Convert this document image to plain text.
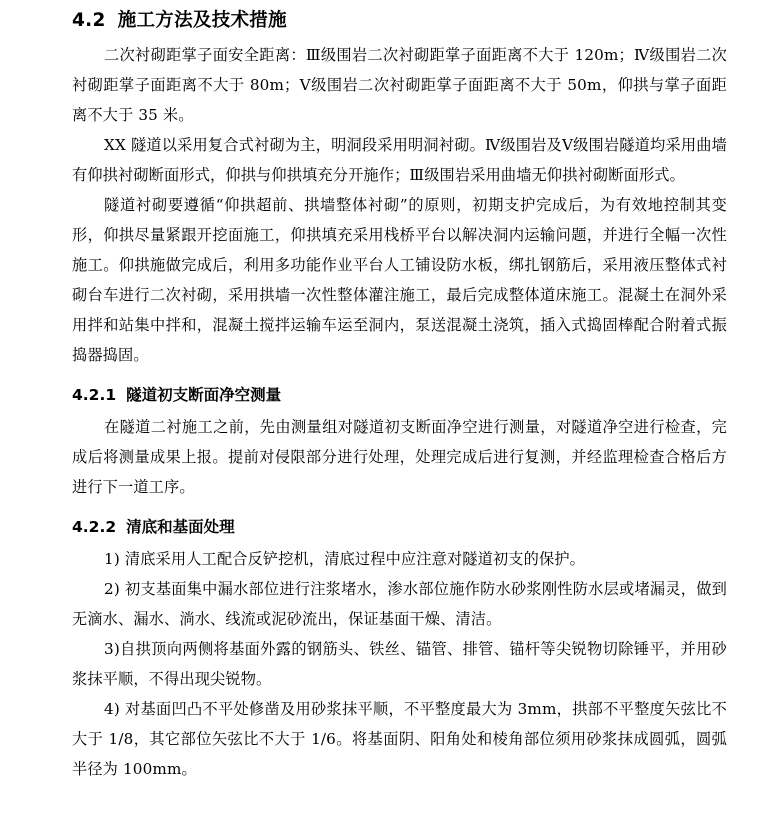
4.2 施工方法及技术措施

二次衬砌距掌子面安全距离：Ⅲ级围岩二次衬砌距掌子面距离不大于 120m；Ⅳ级围岩二次衬砌距掌子面距离不大于 80m；Ⅴ级围岩二次衬砌距掌子面距离不大于 50m，仰拱与掌子面距离不大于 35 米。

XX 隧道以采用复合式衬砌为主，明洞段采用明洞衬砌。Ⅳ级围岩及Ⅴ级围岩隧道均采用曲墙有仰拱衬砌断面形式，仰拱与仰拱填充分开施作；Ⅲ级围岩采用曲墙无仰拱衬砌断面形式。

隧道衬砌要遵循“仰拱超前、拱墙整体衬砌”的原则，初期支护完成后，为有效地控制其变形，仰拱尽量紧跟开挖面施工，仰拱填充采用栈桥平台以解决洞内运输问题，并进行全幅一次性施工。仰拱施做完成后，利用多功能作业平台人工铺设防水板，绑扎钢筋后，采用液压整体式衬砌台车进行二次衬砌，采用拱墙一次性整体灌注施工，最后完成整体道床施工。混凝土在洞外采用拌和站集中拌和，混凝土搅拌运输车运至洞内，泵送混凝土浇筑，插入式捣固棒配合附着式振捣器捣固。

4.2.1 隧道初支断面净空测量

在隧道二衬施工之前，先由测量组对隧道初支断面净空进行测量，对隧道净空进行检查，完成后将测量成果上报。提前对侵限部分进行处理，处理完成后进行复测，并经监理检查合格后方进行下一道工序。

4.2.2 清底和基面处理

1) 清底采用人工配合反铲挖机，清底过程中应注意对隧道初支的保护。

2) 初支基面集中漏水部位进行注浆堵水，渗水部位施作防水砂浆刚性防水层或堵漏灵，做到无滴水、漏水、淌水、线流或泥砂流出，保证基面干燥、清洁。

3)自拱顶向两侧将基面外露的钢筋头、铁丝、锚管、排管、锚杆等尖锐物切除锤平，并用砂浆抹平顺，不得出现尖锐物。

4) 对基面凹凸不平处修凿及用砂浆抹平顺，不平整度最大为 3mm，拱部不平整度矢弦比不大于 1/8，其它部位矢弦比不大于 1/6。将基面阴、阳角处和棱角部位须用砂浆抹成圆弧，圆弧半径为 100mm。
